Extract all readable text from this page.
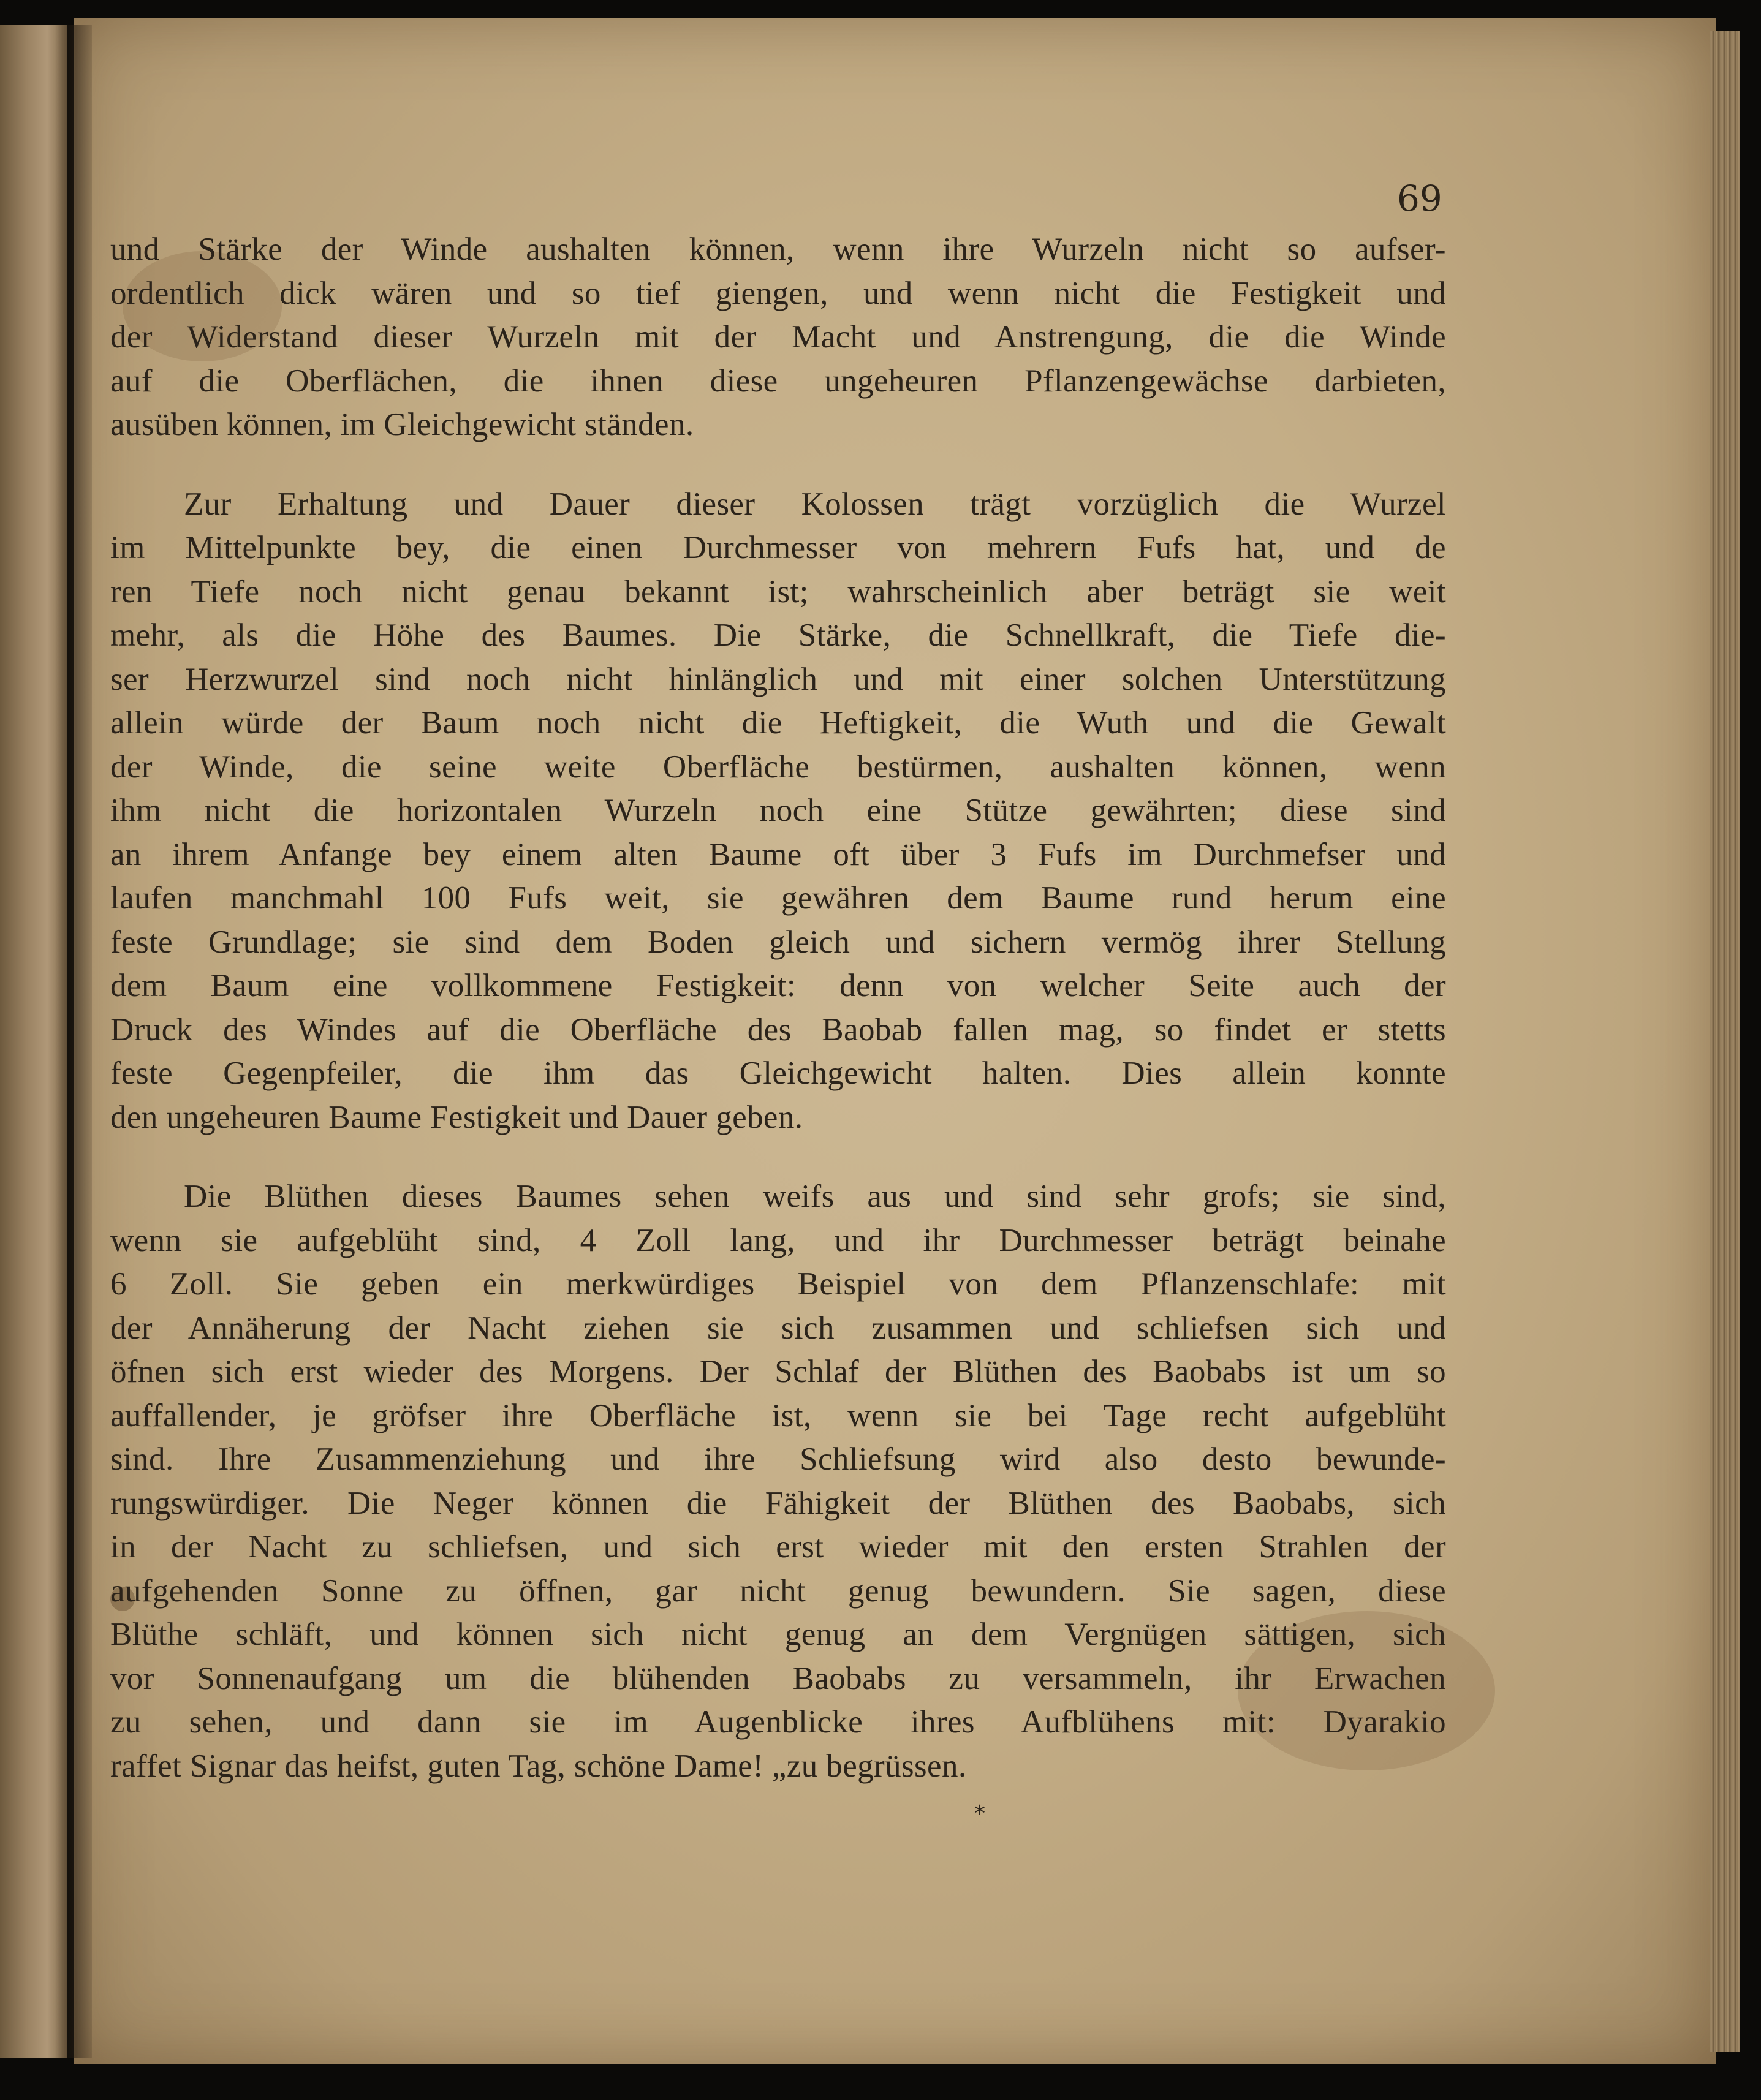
69

und Stärke der Winde aushalten können, wenn ihre Wurzeln nicht so aufser-
ordentlich dick wären und so tief giengen, und wenn nicht die Festigkeit und
der Widerstand dieser Wurzeln mit der Macht und Anstrengung, die die Winde
auf die Oberflächen, die ihnen diese ungeheuren Pflanzengewächse darbieten,
ausüben können, im Gleichgewicht ständen.

Zur Erhaltung und Dauer dieser Kolossen trägt vorzüglich die Wurzel
im Mittelpunkte bey, die einen Durchmesser von mehrern Fufs hat, und de
ren Tiefe noch nicht genau bekannt ist; wahrscheinlich aber beträgt sie weit
mehr, als die Höhe des Baumes. Die Stärke, die Schnellkraft, die Tiefe die-
ser Herzwurzel sind noch nicht hinlänglich und mit einer solchen Unterstützung
allein würde der Baum noch nicht die Heftigkeit, die Wuth und die Gewalt
der Winde, die seine weite Oberfläche bestürmen, aushalten können, wenn
ihm nicht die horizontalen Wurzeln noch eine Stütze gewährten; diese sind
an ihrem Anfange bey einem alten Baume oft über 3 Fufs im Durchmefser und
laufen manchmahl 100 Fufs weit, sie gewähren dem Baume rund herum eine
feste Grundlage; sie sind dem Boden gleich und sichern vermög ihrer Stellung
dem Baum eine vollkommene Festigkeit: denn von welcher Seite auch der
Druck des Windes auf die Oberfläche des Baobab fallen mag, so findet er stetts
feste Gegenpfeiler, die ihm das Gleichgewicht halten. Dies allein konnte
den ungeheuren Baume Festigkeit und Dauer geben.

Die Blüthen dieses Baumes sehen weifs aus und sind sehr grofs; sie sind,
wenn sie aufgeblüht sind, 4 Zoll lang, und ihr Durchmesser beträgt beinahe
6 Zoll. Sie geben ein merkwürdiges Beispiel von dem Pflanzenschlafe: mit
der Annäherung der Nacht ziehen sie sich zusammen und schliefsen sich und
öfnen sich erst wieder des Morgens. Der Schlaf der Blüthen des Baobabs ist um so
auffallender, je gröfser ihre Oberfläche ist, wenn sie bei Tage recht aufgeblüht
sind. Ihre Zusammenziehung und ihre Schliefsung wird also desto bewunde-
rungswürdiger. Die Neger können die Fähigkeit der Blüthen des Baobabs, sich
in der Nacht zu schliefsen, und sich erst wieder mit den ersten Strahlen der
aufgehenden Sonne zu öffnen, gar nicht genug bewundern. Sie sagen, diese
Blüthe schläft, und können sich nicht genug an dem Vergnügen sättigen, sich
vor Sonnenaufgang um die blühenden Baobabs zu versammeln, ihr Erwachen
zu sehen, und dann sie im Augenblicke ihres Aufblühens mit: Dyarakio
raffet Signar das heifst, guten Tag, schöne Dame! „zu begrüssen.

*
